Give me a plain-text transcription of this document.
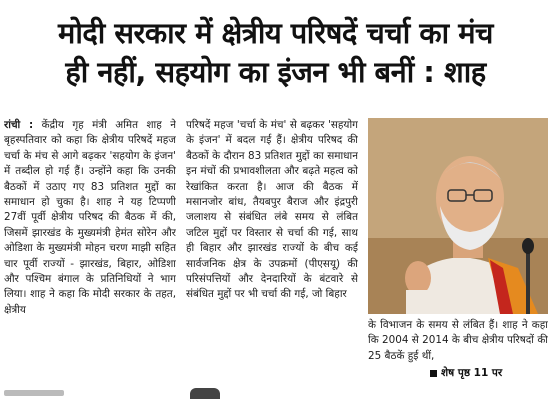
मोदी सरकार में क्षेत्रीय परिषदें चर्चा का मंच
ही नहीं, सहयोग का इंजन भी बनीं : शाह
रांची : केंद्रीय गृह मंत्री अमित शाह ने बृहस्पतिवार को कहा कि क्षेत्रीय परिषदें महज चर्चा के मंच से आगे बढ़कर 'सहयोग के इंजन' में तब्दील हो गई हैं। उन्होंने कहा कि उनकी बैठकों में उठाए गए 83 प्रतिशत मुद्दों का समाधान हो चुका है। शाह ने यह टिप्पणी 27वीं पूर्वी क्षेत्रीय परिषद की बैठक में की, जिसमें झारखंड के मुख्यमंत्री हेमंत सोरेन और ओडिशा के मुख्यमंत्री मोहन चरण माझी सहित चार पूर्वी राज्यों - झारखंड, बिहार, ओडिशा और पश्चिम बंगाल के प्रतिनिधियों ने भाग लिया। शाह ने कहा कि मोदी सरकार के तहत, क्षेत्रीय
परिषदें महज 'चर्चा के मंच' से बढ़कर 'सहयोग के इंजन' में बदल गई हैं। क्षेत्रीय परिषद की बैठकों के दौरान 83 प्रतिशत मुद्दों का समाधान इन मंचों की प्रभावशीलता और बढ़ते महत्व को रेखांकित करता है। आज की बैठक में मसानजोर बांध, तैयबपुर बैराज और इंद्रपुरी जलाशय से संबंधित लंबे समय से लंबित जटिल मुद्दों पर विस्तार से चर्चा की गई, साथ ही बिहार और झारखंड राज्यों के बीच कई सार्वजनिक क्षेत्र के उपक्रमों (पीएसयू) की परिसंपत्तियों और देनदारियों के बंटवारे से संबंधित मुद्दों पर भी चर्चा की गई, जो बिहार
के विभाजन के समय से लंबित हैं। शाह ने कहा कि 2004 से 2014 के बीच क्षेत्रीय परिषदों की 25 बैठकें हुई थीं,
शेष पृष्ठ 11 पर
